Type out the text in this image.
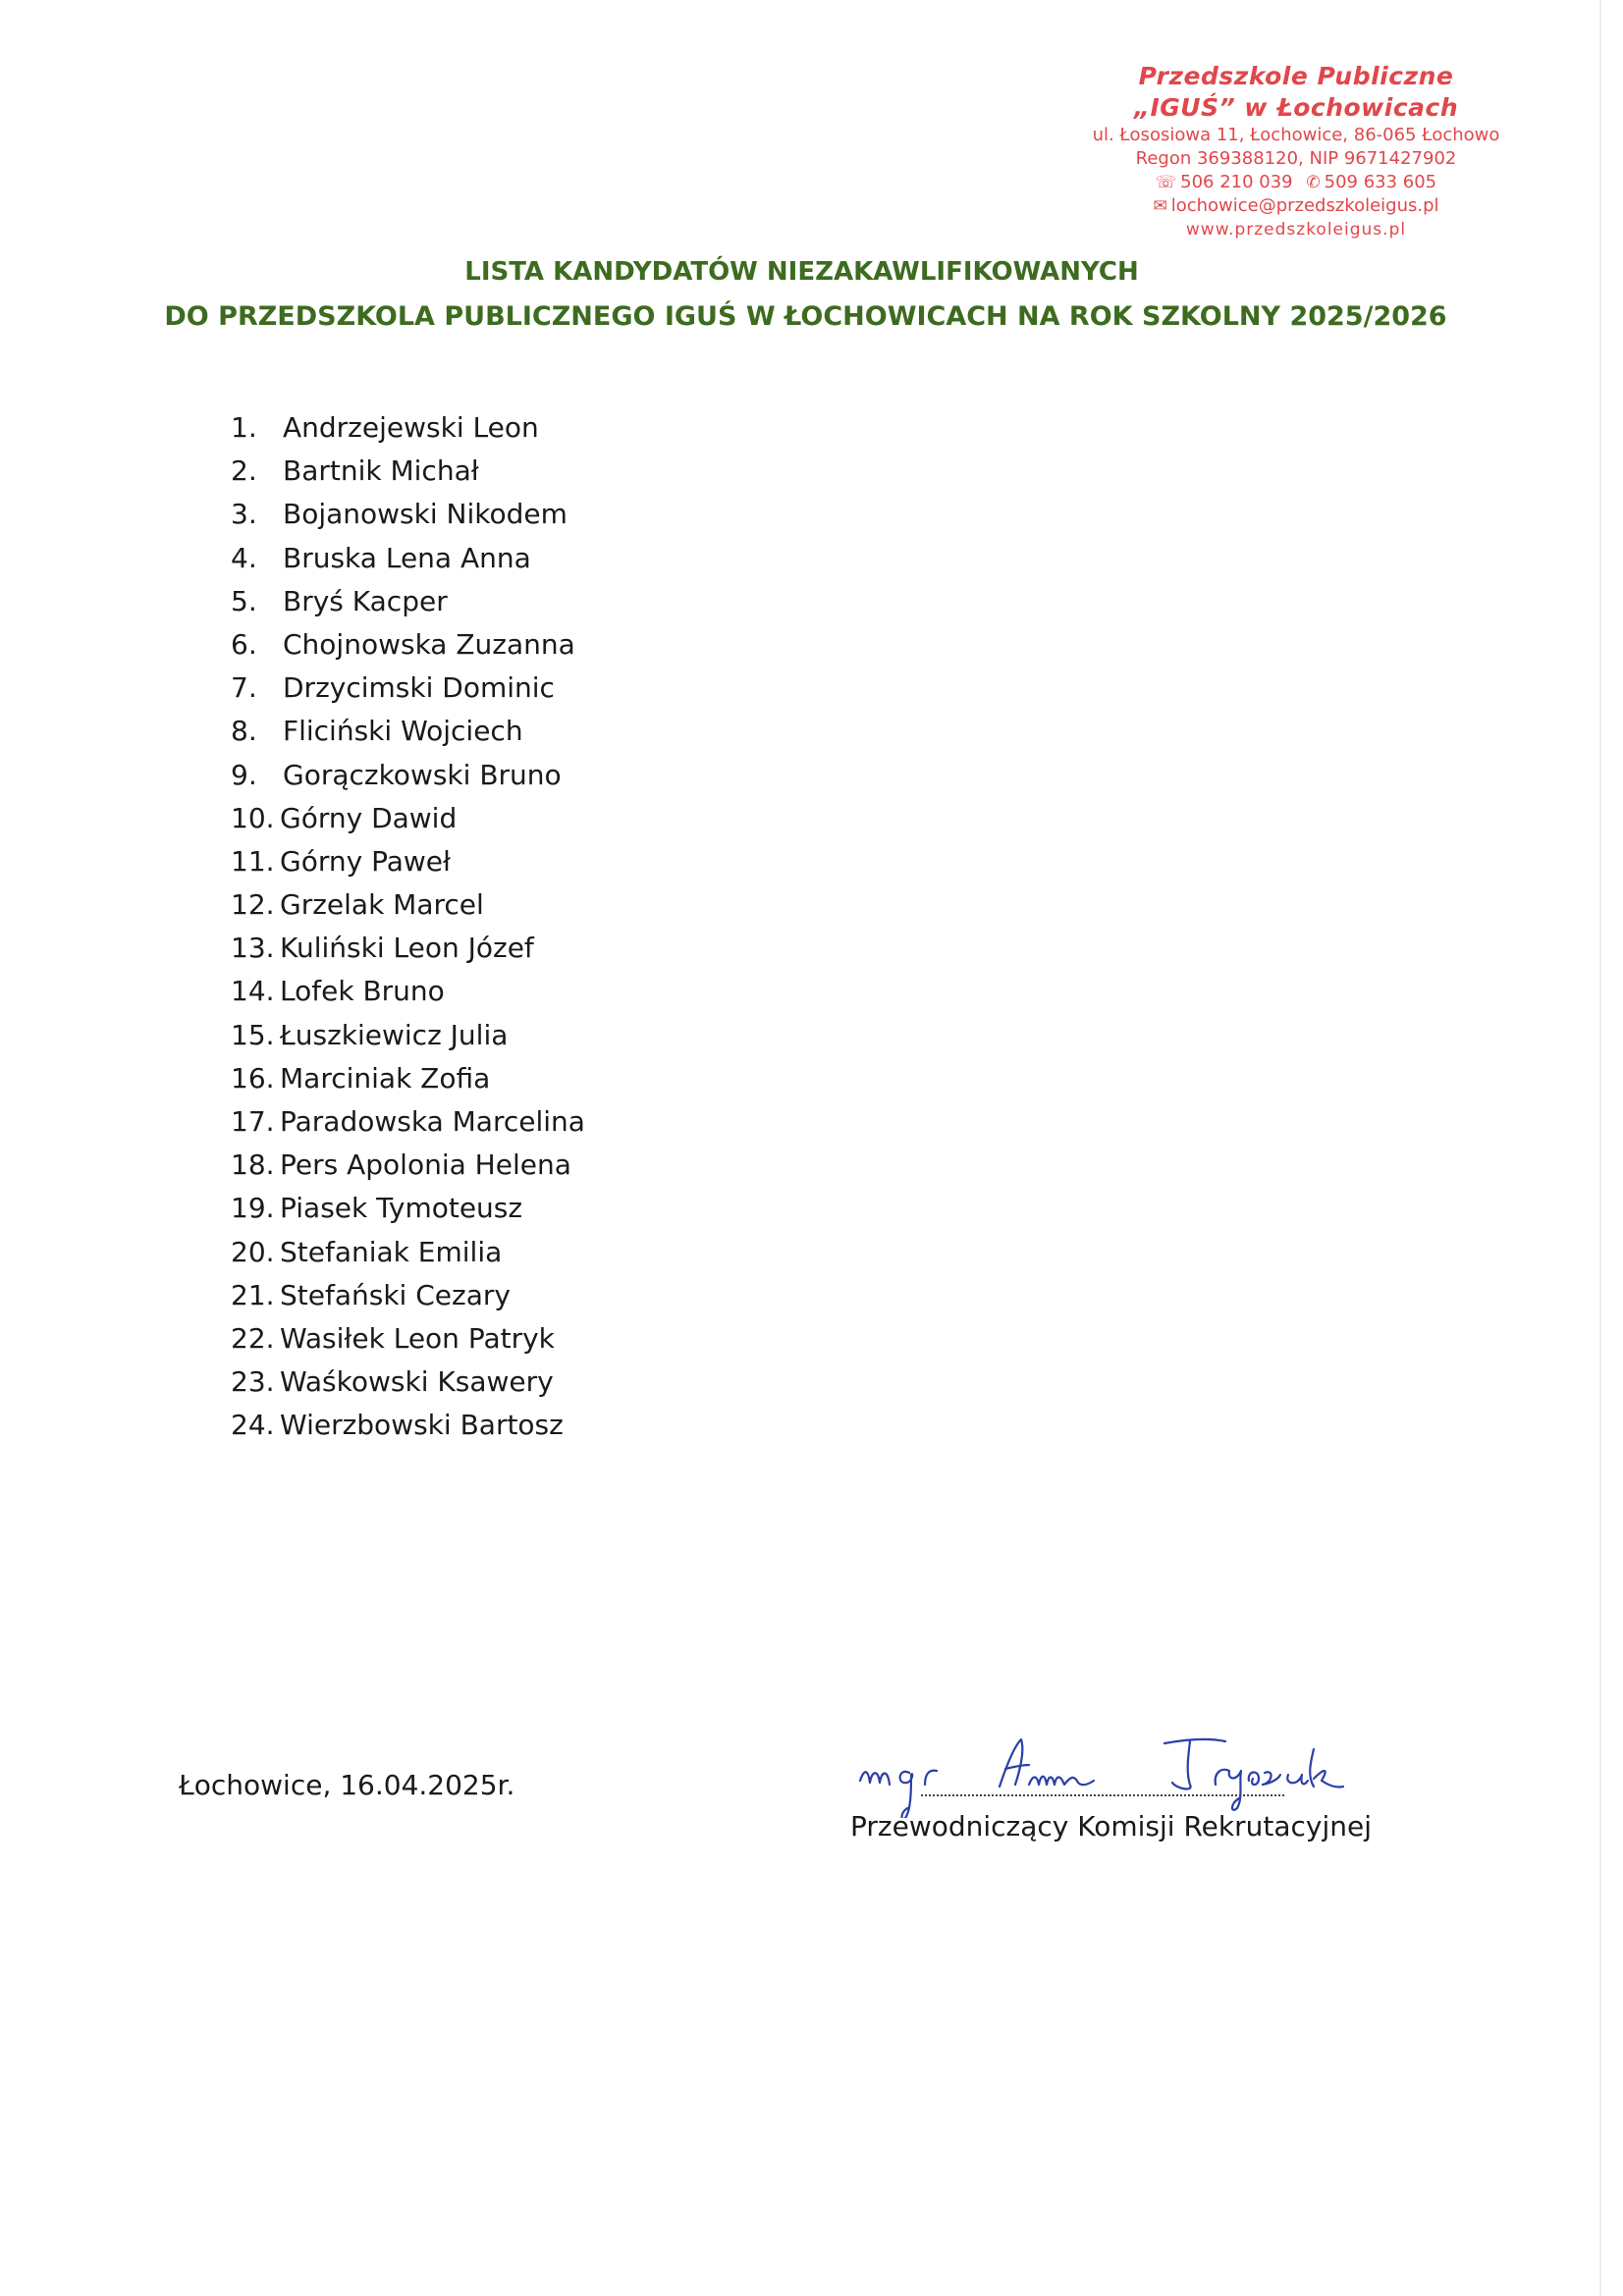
Przedszkole Publiczne
„IGUŚ” w Łochowicach
ul. Łososiowa 11, Łochowice, 86-065 Łochowo
Regon 369388120, NIP 9671427902
☏ 506 210 039 ✆ 509 633 605
✉ lochowice@przedszkoleigus.pl
www.przedszkoleigus.pl
LISTA KANDYDATÓW NIEZAKAWLIFIKOWANYCH
DO PRZEDSZKOLA PUBLICZNEGO IGUŚ W ŁOCHOWICACH NA ROK SZKOLNY 2025/2026
1. Andrzejewski Leon
2. Bartnik Michał
3. Bojanowski Nikodem
4. Bruska Lena Anna
5. Bryś Kacper
6. Chojnowska Zuzanna
7. Drzycimski Dominic
8. Fliciński Wojciech
9. Gorączkowski Bruno
10. Górny Dawid
11. Górny Paweł
12. Grzelak Marcel
13. Kuliński Leon Józef
14. Lofek Bruno
15. Łuszkiewicz Julia
16. Marciniak Zofia
17. Paradowska Marcelina
18. Pers Apolonia Helena
19. Piasek Tymoteusz
20. Stefaniak Emilia
21. Stefański Cezary
22. Wasiłek Leon Patryk
23. Waśkowski Ksawery
24. Wierzbowski Bartosz
Łochowice, 16.04.2025r.
Przewodniczący Komisji Rekrutacyjnej
